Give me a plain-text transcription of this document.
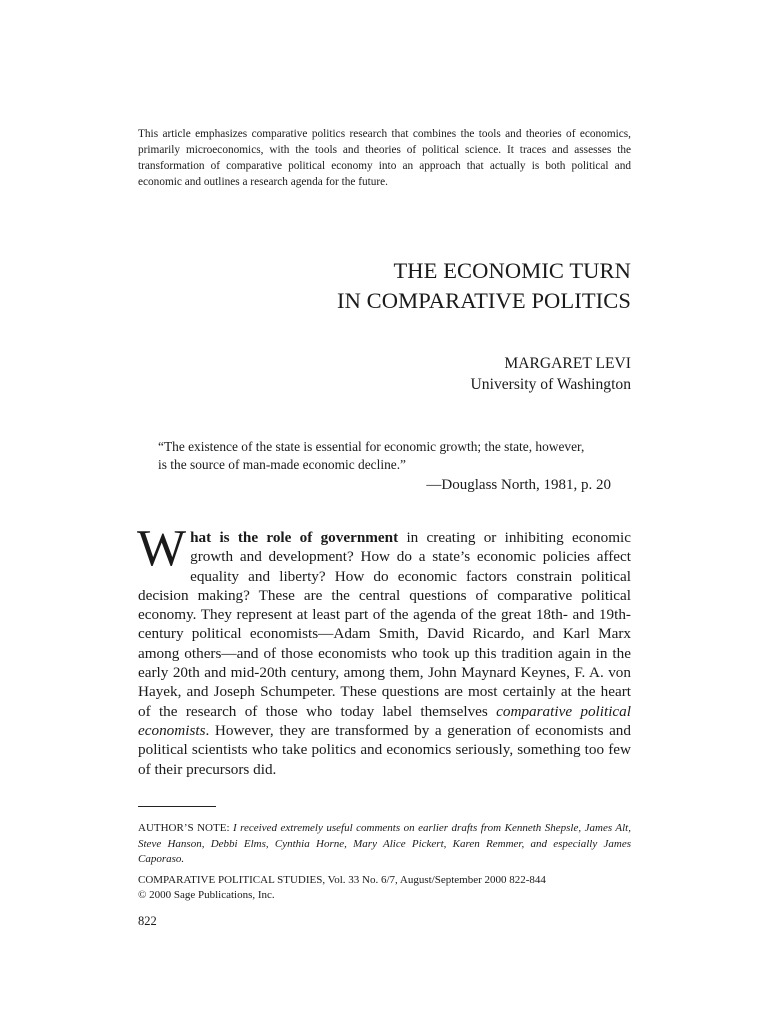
This article emphasizes comparative politics research that combines the tools and theories of economics, primarily microeconomics, with the tools and theories of political science. It traces and assesses the transformation of comparative political economy into an approach that actually is both political and economic and outlines a research agenda for the future.

THE ECONOMIC TURN
IN COMPARATIVE POLITICS
MARGARET LEVI
University of Washington
“The existence of the state is essential for economic growth; the state, however,
is the source of man-made economic decline.”
—Douglass North, 1981, p. 20

What is the role of government in creating or inhibiting economic growth and development? How do a state’s economic policies affect equality and liberty? How do economic factors constrain political decision making? These are the central questions of comparative political economy. They represent at least part of the agenda of the great 18th- and 19th-century political economists—Adam Smith, David Ricardo, and Karl Marx among others—and of those economists who took up this tradition again in the early 20th and mid-20th century, among them, John Maynard Keynes, F. A. von Hayek, and Joseph Schumpeter. These questions are most certainly at the heart of the research of those who today label themselves comparative political economists. However, they are transformed by a generation of economists and political scientists who take politics and economics seriously, something too few of their precursors did.

AUTHOR’S NOTE: I received extremely useful comments on earlier drafts from Kenneth Shepsle, James Alt, Steve Hanson, Debbi Elms, Cynthia Horne, Mary Alice Pickert, Karen Remmer, and especially James Caporaso.

COMPARATIVE POLITICAL STUDIES, Vol. 33 No. 6/7, August/September 2000 822-844
© 2000 Sage Publications, Inc.
822
